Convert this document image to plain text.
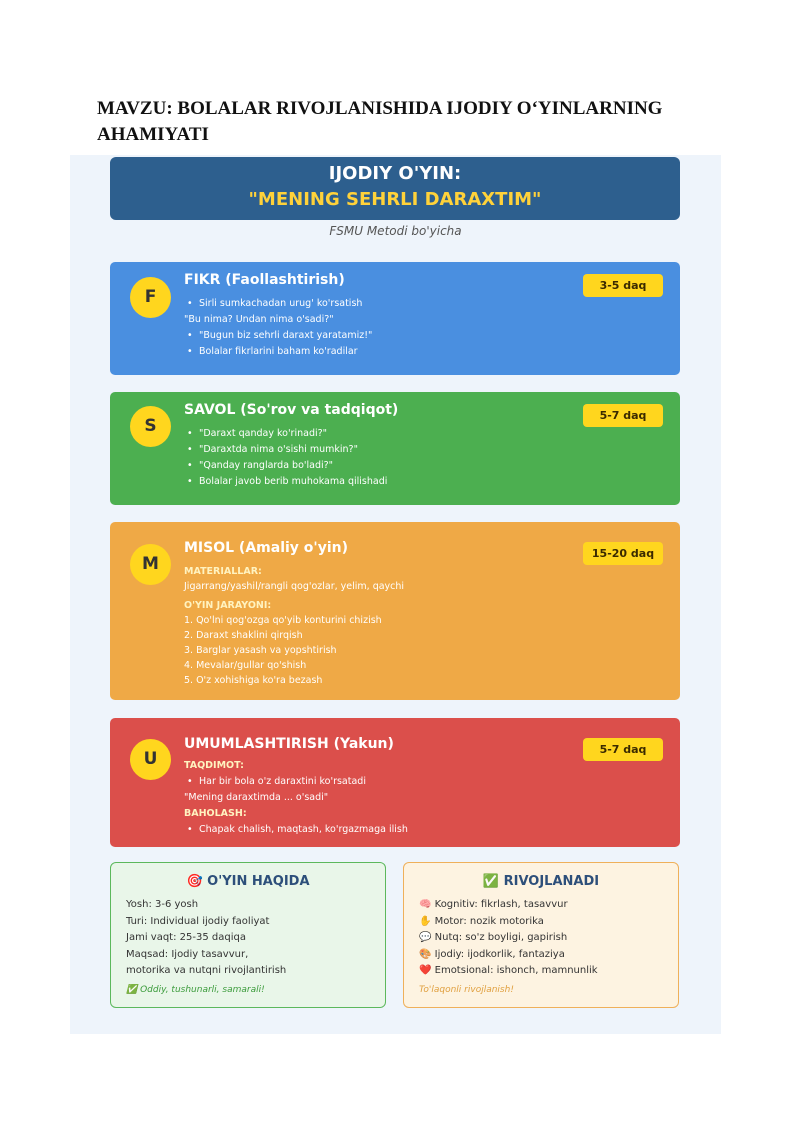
MAVZU: BOLALAR RIVOJLANISHIDA IJODIY O‘YINLARNING AHAMIYATI
IJODIY O'YIN:
"MENING SEHRLI DARAXTIM"
FSMU Metodi bo'yicha
F
FIKR (Faollashtirish)	3-5 daq
• Sirli sumkachadan urug' ko'rsatish
"Bu nima? Undan nima o'sadi?"
• "Bugun biz sehrli daraxt yaratamiz!"
• Bolalar fikrlarini baham ko'radilar
S
SAVOL (So'rov va tadqiqot)	5-7 daq
• "Daraxt qanday ko'rinadi?"
• "Daraxtda nima o'sishi mumkin?"
• "Qanday ranglarda bo'ladi?"
• Bolalar javob berib muhokama qilishadi
M
MISOL (Amaliy o'yin)	15-20 daq
MATERIALLAR:
Jigarrang/yashil/rangli qog'ozlar, yelim, qaychi
O'YIN JARAYONI:
1. Qo'lni qog'ozga qo'yib konturini chizish
2. Daraxt shaklini qirqish
3. Barglar yasash va yopshtirish
4. Mevalar/gullar qo'shish
5. O'z xohishiga ko'ra bezash
U
UMUMLASHTIRISH (Yakun)	5-7 daq
TAQDIMOT:
• Har bir bola o'z daraxtini ko'rsatadi
"Mening daraxtimda ... o'sadi"
BAHOLASH:
• Chapak chalish, maqtash, ko'rgazmaga ilish
🎯 O'YIN HAQIDA
Yosh: 3-6 yosh
Turi: Individual ijodiy faoliyat
Jami vaqt: 25-35 daqiqa
Maqsad: Ijodiy tasavvur,
motorika va nutqni rivojlantirish
✅ Oddiy, tushunarli, samarali!
✅ RIVOJLANADI
🧠 Kognitiv: fikrlash, tasavvur
✋ Motor: nozik motorika
💬 Nutq: so'z boyligi, gapirish
🎨 Ijodiy: ijodkorlik, fantaziya
❤️ Emotsional: ishonch, mamnunlik
To'laqonli rivojlanish!
